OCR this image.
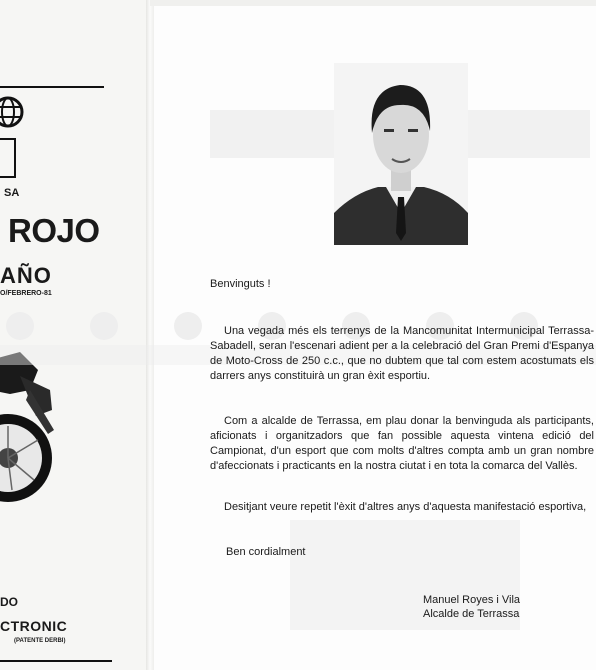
SA
ROJO
AÑO
O/FEBRERO-81
DO
CTRONIC
(PATENTE DERBI)
Benvinguts !
Una vegada més els terrenys de la Mancomunitat Intermunicipal Terrassa-Sabadell, seran l'escenari adient per a la celebració del Gran Premi d'Espanya de Moto-Cross de 250 c.c., que no dubtem que tal com estem acostumats els darrers anys constituirà un gran èxit esportiu.
Com a alcalde de Terrassa, em plau donar la benvinguda als participants, aficionats i organitzadors que fan possible aquesta vintena edició del Campionat, d'un esport que com molts d'altres compta amb un gran nombre d'afeccionats i practicants en la nostra ciutat i en tota la comarca del Vallès.
Desitjant veure repetit l'èxit d'altres anys d'aquesta manifestació esportiva,
Ben cordialment
Manuel Royes i Vila
Alcalde de Terrassa
